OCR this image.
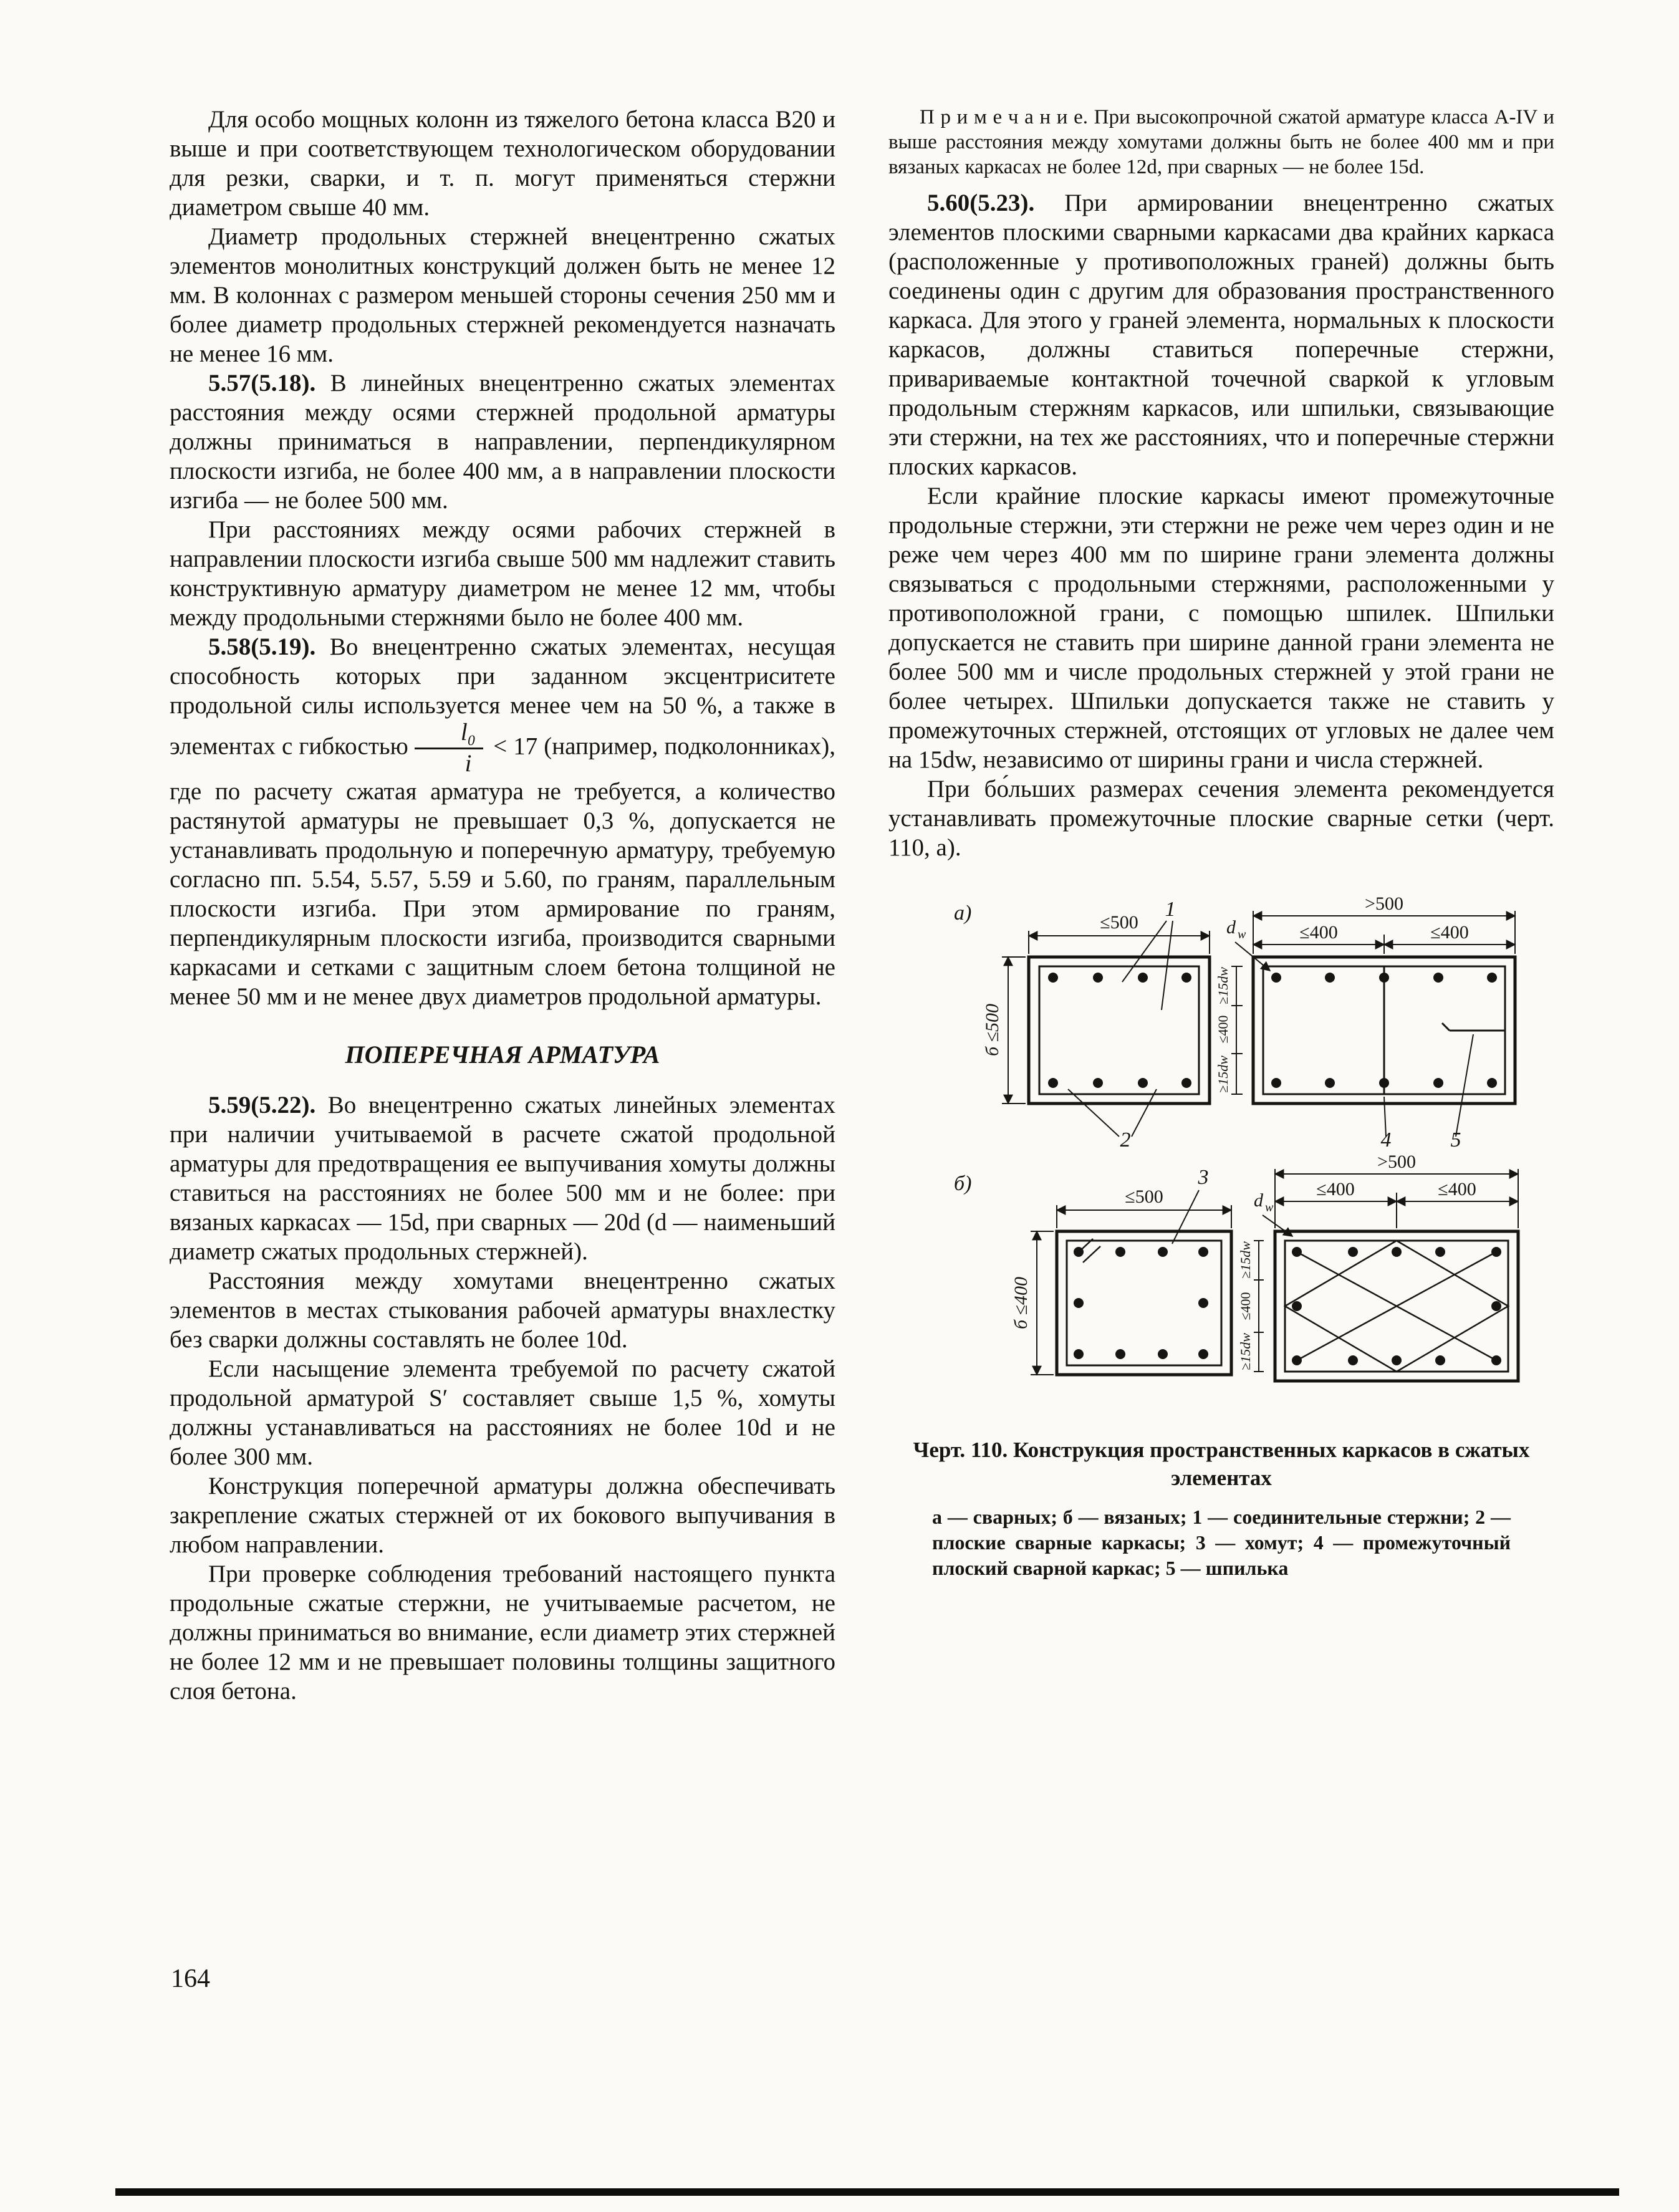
Для особо мощных колонн из тяжелого бетона класса В20 и выше и при соответствующем технологическом оборудовании для резки, сварки, и т. п. могут применяться стержни диаметром свыше 40 мм.

Диаметр продольных стержней внецентренно сжатых элементов монолитных конструкций должен быть не менее 12 мм. В колоннах с размером меньшей стороны сечения 250 мм и более диаметр продольных стержней рекомендуется назначать не менее 16 мм.

5.57(5.18). В линейных внецентренно сжатых элементах расстояния между осями стержней продольной арматуры должны приниматься в направлении, перпендикулярном плоскости изгиба, не более 400 мм, а в направлении плоскости изгиба — не более 500 мм.

При расстояниях между осями рабочих стержней в направлении плоскости изгиба свыше 500 мм надлежит ставить конструктивную арматуру диаметром не менее 12 мм, чтобы между продольными стержнями было не более 400 мм.

5.58(5.19). Во внецентренно сжатых элементах, несущая способность которых при заданном эксцентриситете продольной силы используется менее чем на 50 %, а также в элементах с гибкостью $\frac{\text{l₀}}{i} < 17$ (например, подколонниках), где по расчету сжатая арматура не требуется, а количество растянутой арматуры не превышает 0,3 %, допускается не устанавливать продольную и поперечную арматуру, требуемую согласно пп. 5.54, 5.57, 5.59 и 5.60, по граням, параллельным плоскости изгиба. При этом армирование по граням, перпендикулярным плоскости изгиба, производится сварными каркасами и сетками с защитным слоем бетона толщиной не менее 50 мм и не менее двух диаметров продольной арматуры.

ПОПЕРЕЧНАЯ АРМАТУРА

5.59(5.22). Во внецентренно сжатых линейных элементах при наличии учитываемой в расчете сжатой продольной арматуры для предотвращения ее выпучивания хомуты должны ставиться на расстояниях не более 500 мм и не более: при вязаных каркасах — 15d, при сварных — 20d (d — наименьший диаметр сжатых продольных стержней).

Расстояния между хомутами внецентренно сжатых элементов в местах стыкования рабочей арматуры внахлестку без сварки должны составлять не более 10d.

Если насыщение элемента требуемой по расчету сжатой продольной арматурой S′ составляет свыше 1,5 %, хомуты должны устанавливаться на расстояниях не более 10d и не более 300 мм.

Конструкция поперечной арматуры должна обеспечивать закрепление сжатых стержней от их бокового выпучивания в любом направлении.

При проверке соблюдения требований настоящего пункта продольные сжатые стержни, не учитываемые расчетом, не должны приниматься во внимание, если диаметр этих стержней не более 12 мм и не превышает половины толщины защитного слоя бетона.

П р и м е ч а н и е. При высокопрочной сжатой арматуре класса А-IV и выше расстояния между хомутами должны быть не более 400 мм и при вязаных каркасах не более 12d, при сварных — не более 15d.

5.60(5.23). При армировании внецентренно сжатых элементов плоскими сварными каркасами два крайних каркаса (расположенные у противоположных граней) должны быть соединены один с другим для образования пространственного каркаса. Для этого у граней элемента, нормальных к плоскости каркасов, должны ставиться поперечные стержни, привариваемые контактной точечной сваркой к угловым продольным стержням каркасов, или шпильки, связывающие эти стержни, на тех же расстояниях, что и поперечные стержни плоских каркасов.

Если крайние плоские каркасы имеют промежуточные продольные стержни, эти стержни не реже чем через один и не реже чем через 400 мм по ширине грани элемента должны связываться с продольными стержнями, расположенными у противоположной грани, с помощью шпилек. Шпильки допускается не ставить при ширине данной грани элемента не более 500 мм и числе продольных стержней у этой грани не более четырех. Шпильки допускается также не ставить у промежуточных стержней, отстоящих от угловых не далее чем на 15dw, независимо от ширины грани и числа стержней.

При бо́льших размерах сечения элемента рекомендуется устанавливать промежуточные плоские сварные сетки (черт. 110, а).

а)	≤500
б ≤500
1
2
>500
≤400	≤400
d w
≥15dw
≤400
≥15dw
4	5
б)
≤500
б ≤400
3
>500
≤400	≤400
d w
≥15dw
≤400
≥15dw

Черт. 110. Конструкция пространственных каркасов в сжатых элементах

а — сварных; б — вязаных; 1 — соединительные стержни; 2 — плоские сварные каркасы; 3 — хомут; 4 — промежуточный плоский сварной каркас; 5 — шпилька

164
